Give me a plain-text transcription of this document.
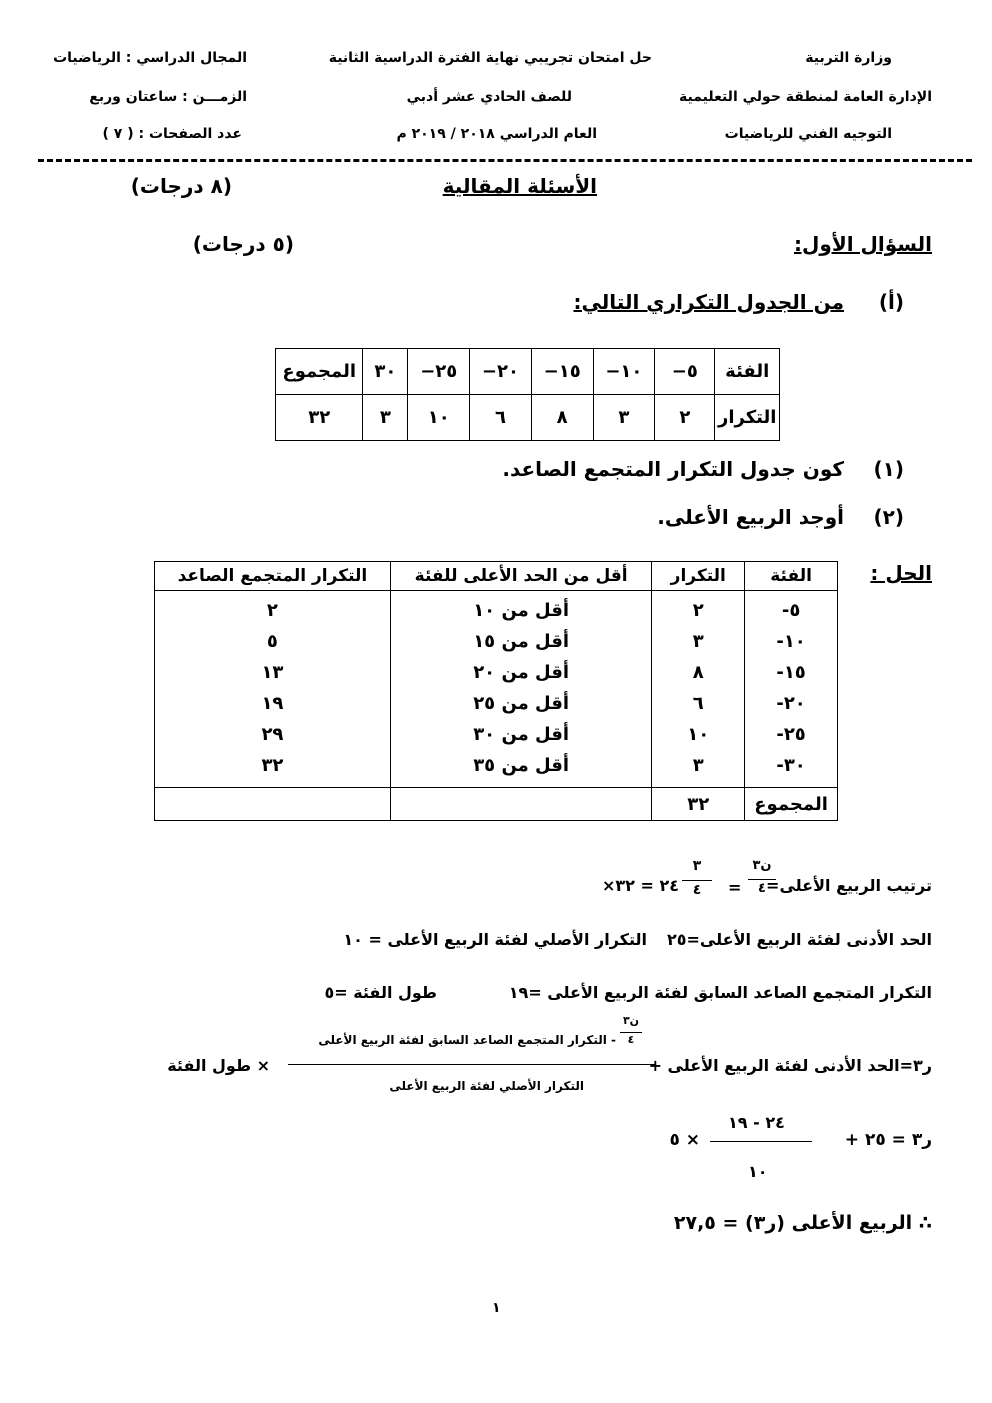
وزارة التربية
الإدارة العامة لمنطقة حولي التعليمية
التوجيه الفني للرياضيات
حل امتحان تجريبي نهاية الفترة الدراسية الثانية
للصف الحادي عشر أدبي
العام الدراسي ٢٠١٨ / ٢٠١٩ م
المجال الدراسي : الرياضيات
الزمـــن : ساعتان وربع
عدد الصفحات : ( ٧ )
الأسئلة المقالية
(٨ درجات)
السؤال الأول:
(٥ درجات)
(أ)
من الجدول التكراري التالي:
الفئة	٥−	١٠−	١٥−	٢٠−	٢٥−	٣٠	المجموع
التكرار	٢	٣	٨	٦	١٠	٣	٣٢
(١)
كون جدول التكرار المتجمع الصاعد.
(٢)
أوجد الربيع الأعلى.
الحل :
الفئة	التكرار	أقل من الحد الأعلى للفئة	التكرار المتجمع الصاعد
٥-	٢	أقل من ١٠	٢
١٠-	٣	أقل من ١٥	٥
١٥-	٨	أقل من ٢٠	١٣
٢٠-	٦	أقل من ٢٥	١٩
٢٥-	١٠	أقل من ٣٠	٢٩
٣٠-	٣	أقل من ٣٥	٣٢
المجموع	٣٢		
ترتيب الربيع الأعلى=
ن٣
٤
=
٣
٤
٢٤ = ٣٢×
الحد الأدنى لفئة الربيع الأعلى=٢٥
التكرار الأصلي لفئة الربيع الأعلى = ١٠
التكرار المتجمع الصاعد السابق لفئة الربيع الأعلى =١٩
طول الفئة =٥
ر٣=الحد الأدنى لفئة الربيع الأعلى +
ن٣
٤
- التكرار المتجمع الصاعد السابق لفئة الربيع الأعلى
التكرار الأصلي لفئة الربيع الأعلى
× طول الفئة
ر٣ = ٢٥ +
٢٤ - ١٩
١٠
× ٥
∴ الربيع الأعلى (ر٣) = ٢٧,٥
١
